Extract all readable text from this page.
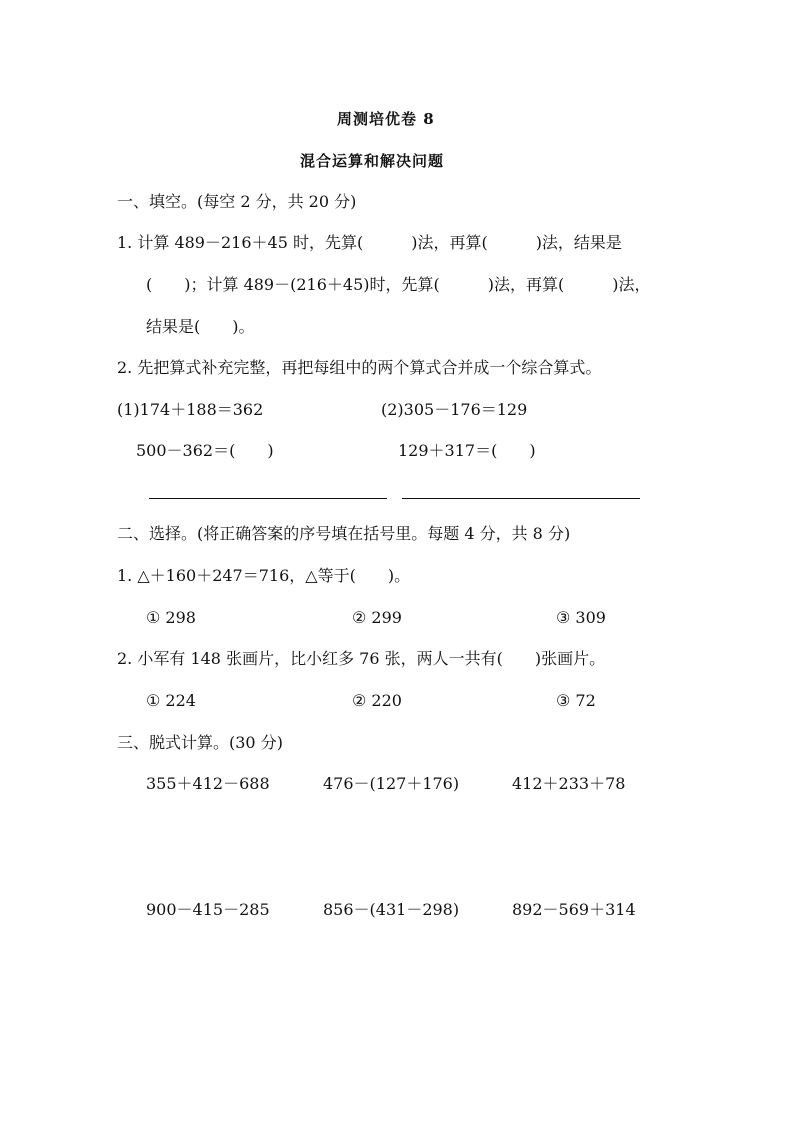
周测培优卷 8
混合运算和解决问题
一、填空。(每空 2 分，共 20 分)
1. 计算 489－216＋45 时，先算(　　　)法，再算(　　　)法，结果是
(　　)；计算 489－(216＋45)时，先算(　　　)法，再算(　　　)法，
结果是(　　)。
2. 先把算式补充完整，再把每组中的两个算式合并成一个综合算式。
(1)174＋188＝362	(2)305－176＝129
500－362＝(　　)	129＋317＝(　　)
二、选择。(将正确答案的序号填在括号里。每题 4 分，共 8 分)
1. △＋160＋247＝716，△等于(　　)。
① 298	② 299	③ 309
2. 小军有 148 张画片，比小红多 76 张，两人一共有(　　)张画片。
① 224	② 220	③ 72
三、脱式计算。(30 分)
355＋412－688	476－(127＋176)	412＋233＋78
900－415－285	856－(431－298)	892－569＋314
